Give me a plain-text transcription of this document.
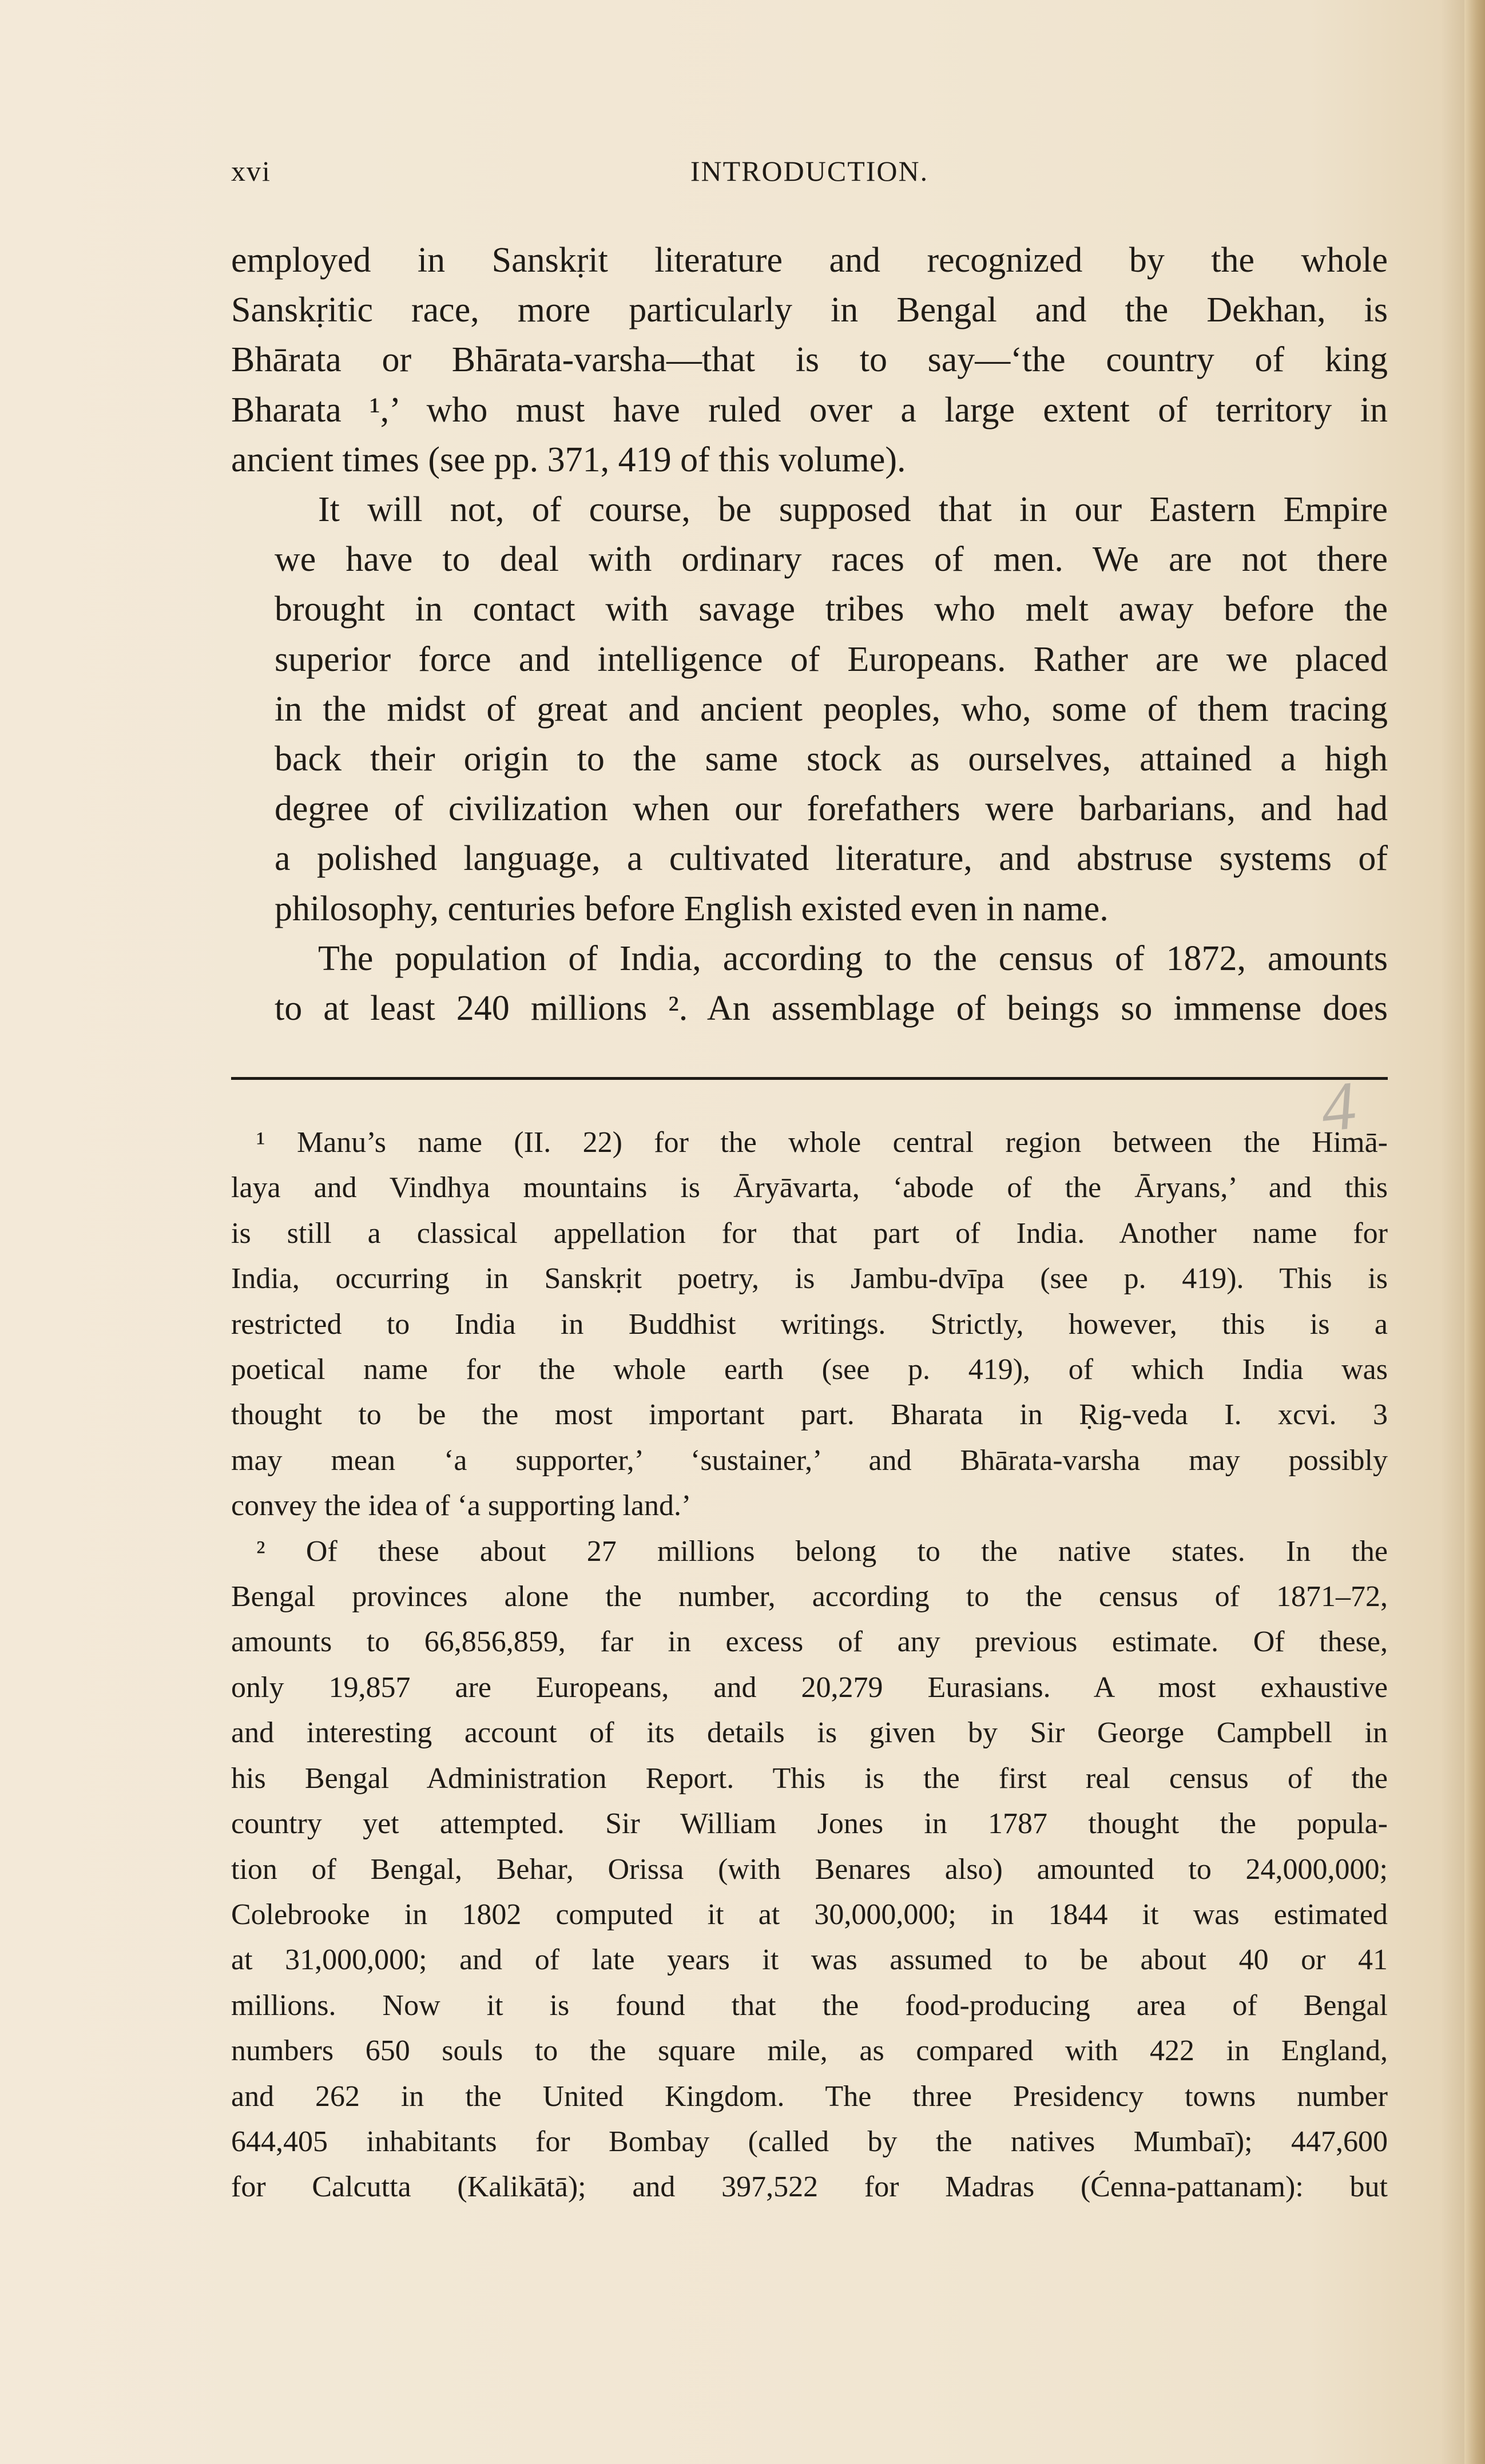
xvi	INTRODUCTION.

employed in Sanskṛit literature and recognized by the whole
Sanskṛitic race, more particularly in Bengal and the Dekhan, is
Bhārata or Bhārata-varsha—that is to say—‘the country of king
Bharata ¹,’ who must have ruled over a large extent of territory in
ancient times (see pp. 371, 419 of this volume).

It will not, of course, be supposed that in our Eastern Empire
we have to deal with ordinary races of men. We are not there
brought in contact with savage tribes who melt away before the
superior force and intelligence of Europeans. Rather are we placed
in the midst of great and ancient peoples, who, some of them tracing
back their origin to the same stock as ourselves, attained a high
degree of civilization when our forefathers were barbarians, and had
a polished language, a cultivated literature, and abstruse systems of
philosophy, centuries before English existed even in name.

The population of India, according to the census of 1872, amounts
to at least 240 millions ². An assemblage of beings so immense does

4
¹ Manu’s name (II. 22) for the whole central region between the Himā-
laya and Vindhya mountains is Āryāvarta, ‘abode of the Āryans,’ and this
is still a classical appellation for that part of India. Another name for
India, occurring in Sanskṛit poetry, is Jambu-dvīpa (see p. 419). This is
restricted to India in Buddhist writings. Strictly, however, this is a
poetical name for the whole earth (see p. 419), of which India was
thought to be the most important part. Bharata in Ṛig-veda I. xcvi. 3
may mean ‘a supporter,’ ‘sustainer,’ and Bhārata-varsha may possibly
convey the idea of ‘a supporting land.’
² Of these about 27 millions belong to the native states. In the
Bengal provinces alone the number, according to the census of 1871–72,
amounts to 66,856,859, far in excess of any previous estimate. Of these,
only 19,857 are Europeans, and 20,279 Eurasians. A most exhaustive
and interesting account of its details is given by Sir George Campbell in
his Bengal Administration Report. This is the first real census of the
country yet attempted. Sir William Jones in 1787 thought the popula-
tion of Bengal, Behar, Orissa (with Benares also) amounted to 24,000,000;
Colebrooke in 1802 computed it at 30,000,000; in 1844 it was estimated
at 31,000,000; and of late years it was assumed to be about 40 or 41
millions. Now it is found that the food-producing area of Bengal
numbers 650 souls to the square mile, as compared with 422 in England,
and 262 in the United Kingdom. The three Presidency towns number
644,405 inhabitants for Bombay (called by the natives Mumbaī); 447,600
for Calcutta (Kalikātā); and 397,522 for Madras (Ćenna-pattanam): but
